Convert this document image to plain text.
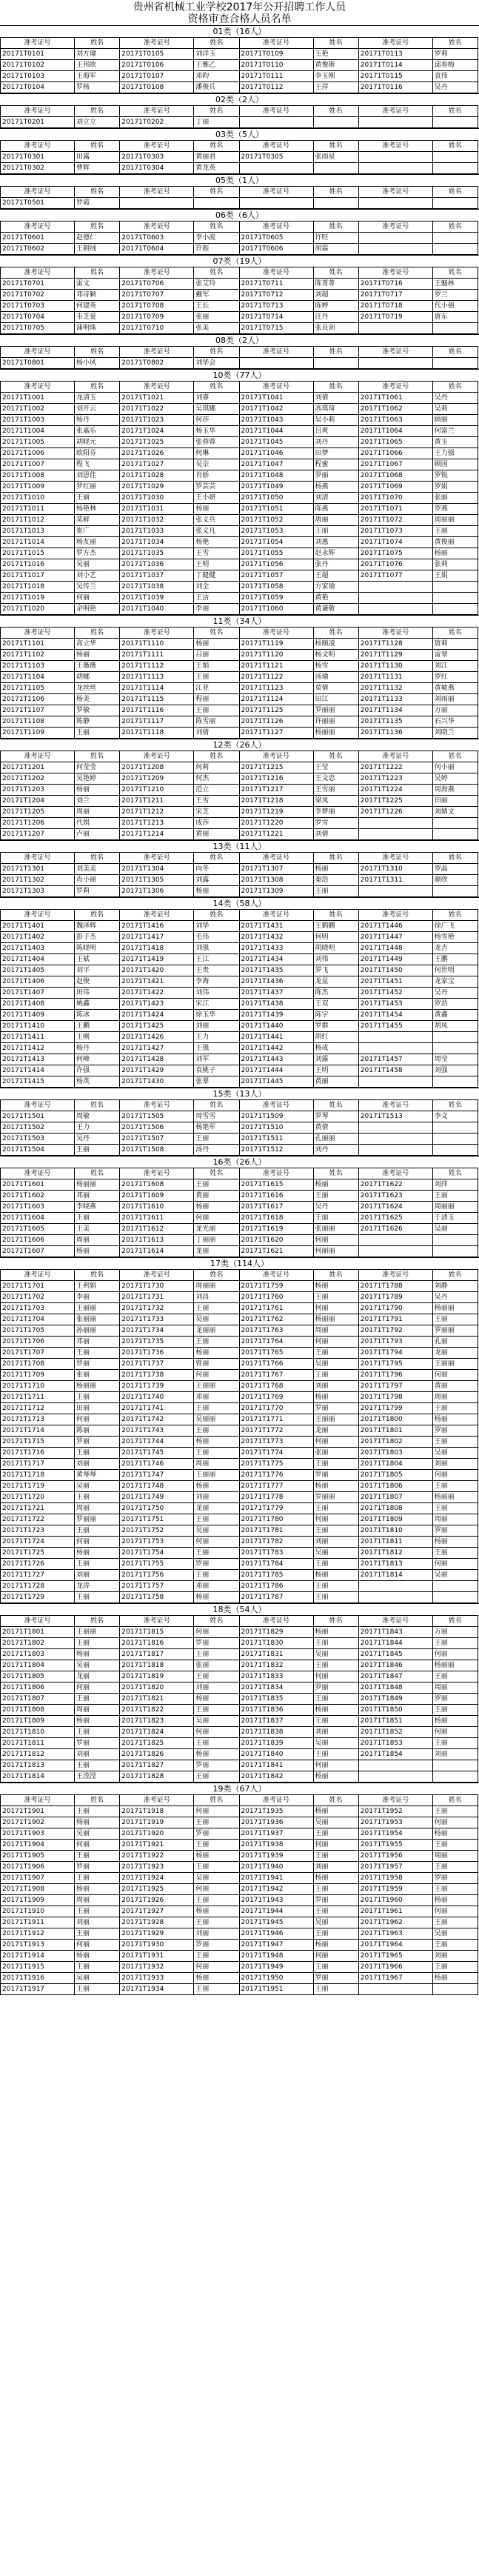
贵州省机械工业学校2017年公开招聘工作人员
资格审查合格人员名单
01类（16人）
准考证号	姓名	准考证号	姓名	准考证号	姓名	准考证号	姓名
20171T0101	刘方瑜	20171T0105	刘洋玉	20171T0109	王艳	20171T0113	罗莉
20171T0102	王邦欧	20171T0106	王雅乙	20171T0110	黄俊斯	20171T0114	邱春梅
20171T0103	王海军	20171T0107	邓昀	20171T0111	李玉刚	20171T0115	袁伟
20171T0104	罗杨	20171T0108	潘俊兵	20171T0112	王萍	20171T0116	吴丹
02类（2人）
准考证号	姓名	准考证号	姓名	准考证号	姓名	准考证号	姓名
20171T0201	刘立立	20171T0202	丁丽				
03类（5人）
准考证号	姓名	准考证号	姓名	准考证号	姓名	准考证号	姓名
20171T0301	田露	20171T0303	黄丽君	20171T0305	张雨星		
20171T0302	曹辉	20171T0304	黄龙英				
05类（1人）
准考证号	姓名	准考证号	姓名	准考证号	姓名	准考证号	姓名
20171T0501	罗霞						
06类（6人）
准考证号	姓名	准考证号	姓名	准考证号	姓名	准考证号	姓名
20171T0601	赵德仁	20171T0603	李小波	20171T0605	许旺		
20171T0602	王朝绒	20171T0604	许振	20171T0606	胡霖		
07类（19人）
准考证号	姓名	准考证号	姓名	准考证号	姓名	准考证号	姓名
20171T0701	雷文	20171T0706	张艾玲	20171T0711	陈菁菁	20171T0716	王魅林
20171T0702	邓诗颖	20171T0707	戴军	20171T0712	刘超	20171T0717	罗兰
20171T0703	何建英	20171T0708	王长	20171T0713	陈婷	20171T0718	代小强
20171T0704	韦芝爱	20171T0709	张丽	20171T0714	汪丹	20171T0719	唐东
20171T0705	蒲明珠	20171T0710	张美	20171T0715	张良剑		
08类（2人）
准考证号	姓名	准考证号	姓名	准考证号	姓名	准考证号	姓名
20171T0801	杨小风	20171T0802	刘华会				
10类（77人）
准考证号	姓名	准考证号	姓名	准考证号	姓名	准考证号	姓名
20171T1001	龙清玉	20171T1021	刘睿	20171T1041	刘倩	20171T1061	吴丹
20171T1002	刘开云	20171T1022	吴琪娜	20171T1042	高琪琦	20171T1062	吴莉
20171T1003	杨丹	20171T1023	何莎	20171T1043	吴小莉	20171T1063	顾丽
20171T1004	张嘉乐	20171T1024	杨玉华	20171T1044	吕爽	20171T1064	何富兰
20171T1005	胡晓元	20171T1025	张蓉蓉	20171T1045	刘丹	20171T1065	黄玉
20171T1006	欧阳芬	20171T1026	何琳	20171T1046	田梦	20171T1066	王力强
20171T1007	程飞	20171T1027	吴宗	20171T1047	程蜜	20171T1067	顾国
20171T1008	刘思佳	20171T1028	肖娇	20171T1048	罗丽	20171T1068	罗锐
20171T1009	罗红丽	20171T1029	罗芸芸	20171T1049	杨燕	20171T1069	罗娟
20171T1010	王丽	20171T1030	王小妍	20171T1050	刘清	20171T1070	张丽
20171T1011	杨艳林	20171T1031	杨丽	20171T1051	陈燕	20171T1071	罗燕
20171T1012	莫鲜	20171T1032	张义兵	20171T1052	唐丽	20171T1072	周丽丽
20171T1013	崔广	20171T1033	张义凡	20171T1053	王丽	20171T1073	王丽
20171T1014	杨友丽	20171T1034	杨艳	20171T1054	刘惠	20171T1074	黄俊丽
20171T1015	罗方杰	20171T1035	王雪	20171T1055	赵永辉	20171T1075	杨丽
20171T1016	吴丽	20171T1036	王明	20171T1056	张丹	20171T1076	张莉
20171T1017	刘小艺	20171T1037	丁健健	20171T1057	王超	20171T1077	王娟
20171T1018	吴传兰	20171T1038	刘全	20171T1058	方家瑜		
20171T1019	何丽	20171T1039	王洁	20171T1059	黄艳		
20171T1020	余明艳	20171T1040	李丽	20171T1060	黄谦敬		
11类（34人）
准考证号	姓名	准考证号	姓名	准考证号	姓名	准考证号	姓名
20171T1101	高立华	20171T1110	杨丽	20171T1119	杨顺凌	20171T1128	唐莉
20171T1102	杨丽	20171T1111	吕丽	20171T1120	杨文明	20171T1129	雷翠
20171T1103	王薇薇	20171T1112	王娟	20171T1121	杨雪	20171T1130	刘江
20171T1104	胡娜	20171T1113	王丽	20171T1122	汤瑜	20171T1131	罗红
20171T1105	龙丝丝	20171T1114	江亚	20171T1123	莫倩	20171T1132	黄敏燕
20171T1106	杨美	20171T1115	程丽	20171T1124	田江	20171T1133	刘雨丽
20171T1107	罗敏	20171T1116	王丽	20171T1125	罗丽丽	20171T1134	万丽
20171T1108	陈静	20171T1117	陈雪丽	20171T1126	许丽丽	20171T1135	石兴华
20171T1109	王丽	20171T1118	刘倩	20171T1127	杨丽丽	20171T1136	刘晓兰
12类（26人）
准考证号	姓名	准考证号	姓名	准考证号	姓名	准考证号	姓名
20171T1201	何莹莹	20171T1208	何莉	20171T1215	王莹	20171T1222	何小丽
20171T1202	吴艳婷	20171T1209	何杰	20171T1216	王文忠	20171T1223	吴婷
20171T1203	杨丽	20171T1210	范立	20171T1217	王雪丽	20171T1224	周海燕
20171T1204	刘兰	20171T1211	王雪	20171T1218	梁凤	20171T1225	田丽
20171T1205	周丽	20171T1212	宋芝	20171T1219	李梦丽	20171T1226	刘婧文
20171T1206	代娟	20171T1213	成莎	20171T1220	罗雪		
20171T1207	卢丽	20171T1214	黄丽	20171T1221	刘倩		
13类（11人）
准考证号	姓名	准考证号	姓名	准考证号	姓名	准考证号	姓名
20171T1301	刘美美	20171T1304	向冬	20171T1307	杨丽	20171T1310	罗晶
20171T1302	肖小丽	20171T1305	刘露	20171T1308	秦浩	20171T1311	颜欣
20171T1303	罗莉	20171T1306	杨丽	20171T1309	王丽		
14类（58人）
准考证号	姓名	准考证号	姓名	准考证号	姓名	准考证号	姓名
20171T1401	魏泽辉	20171T1416	刘华	20171T1431	王鹤鹏	20171T1446	徐广飞
20171T1402	彭子杰	20171T1417	毛伟	20171T1432	何明	20171T1447	杨雪艳
20171T1403	陈晓明	20171T1418	刘强	20171T1433	胡晓明	20171T1448	龙吉
20171T1404	王斌	20171T1419	王江	20171T1434	刘伟	20171T1449	王鹏
20171T1405	刘平	20171T1420	王贵	20171T1435	罗飞	20171T1450	何世明
20171T1406	赵俊	20171T1421	李海	20171T1436	龙星	20171T1451	龙家宝
20171T1407	田伟	20171T1422	刘伟	20171T1437	陈杰	20171T1452	吴丹
20171T1408	姚鑫	20171T1423	宋江	20171T1438	王双	20171T1453	罗浩
20171T1409	陈冰	20171T1424	徐玉华	20171T1439	陈宇	20171T1454	黄鑫
20171T1410	王鹏	20171T1425	刘丽	20171T1440	罗群	20171T1455	胡凤
20171T1411	王刚	20171T1426	王力	20171T1441	胡红		
20171T1412	杨丹	20171T1427	王强	20171T1442	杨成		
20171T1413	何峰	20171T1428	刘军	20171T1443	刘露	20171T1457	周莹
20171T1414	许强	20171T1429	袁桃子	20171T1444	王明	20171T1458	刘强
20171T1415	杨英	20171T1430	张翠	20171T1445	黄丽		
15类（13人）
准考证号	姓名	准考证号	姓名	准考证号	姓名	准考证号	姓名
20171T1501	周敏	20171T1505	周雪雪	20171T1509	罗琴	20171T1513	李文
20171T1502	王力	20171T1506	杨艳军	20171T1510	黄倩		
20171T1503	吴丹	20171T1507	王丽	20171T1511	孔丽丽		
20171T1504	王丽	20171T1508	汤丹	20171T1512	刘丹		
16类（26人）
准考证号	姓名	准考证号	姓名	准考证号	姓名	准考证号	姓名
20171T1601	杨丽丽	20171T1608	王丽	20171T1615	杨丽	20171T1622	刘萍
20171T1602	邓丽	20171T1609	黄丽	20171T1616	王丽	20171T1623	王丽
20171T1603	李晓燕	20171T1610	杨丽	20171T1617	吴丹	20171T1624	周丽丽
20171T1604	王丽	20171T1611	何丽	20171T1618	王丽	20171T1625	于清玉
20171T1605	王美	20171T1612	龙光丽	20171T1619	张丽丽	20171T1626	吴丽
20171T1606	周丽	20171T1613	丁丽丽	20171T1620	何丽		
20171T1607	杨丽	20171T1614	龙丽	20171T1621	何丽丽		
17类（114人）
准考证号	姓名	准考证号	姓名	准考证号	姓名	准考证号	姓名
20171T1701	王利娟	20171T1730	周丽丽	20171T1759	杨丽	20171T1788	刘静
20171T1702	李丽	20171T1731	刘昌	20171T1760	王丽	20171T1789	吴丹
20171T1703	王丽丽	20171T1732	王丽	20171T1761	何丽	20171T1790	杨丽丽
20171T1704	张丽丽	20171T1733	吴丽	20171T1762	杨丽丽	20171T1791	王丽
20171T1705	孙丽丽	20171T1734	龙丽丽	20171T1763	周丽	20171T1792	罗丽丽
20171T1706	邓丽	20171T1735	王丽	20171T1764	何丽	20171T1793	孔丽
20171T1707	王丽	20171T1736	杨丽	20171T1765	王丽	20171T1794	龙丽
20171T1708	罗丽	20171T1737	曾丽	20171T1766	吴丽	20171T1795	王丽丽
20171T1709	张丽	20171T1738	何丽	20171T1767	王丽	20171T1796	何丽
20171T1710	杨丽丽	20171T1739	王丽丽	20171T1768	刘丽	20171T1797	黄丽
20171T1711	王丽	20171T1740	邓丽	20171T1769	杨丽	20171T1798	周丽
20171T1712	田丽	20171T1741	王丽	20171T1770	罗丽	20171T1799	王丽
20171T1713	何丽	20171T1742	吴丽丽	20171T1771	王丽丽	20171T1800	杨丽
20171T1714	陈丽	20171T1743	王丽	20171T1772	龙丽	20171T1801	罗丽
20171T1715	罗丽	20171T1744	杨丽	20171T1773	何丽	20171T1802	王丽
20171T1716	王丽	20171T1745	王丽	20171T1774	张丽	20171T1803	吴丽
20171T1717	刘丽	20171T1746	周丽	20171T1775	王丽	20171T1804	刘丽
20171T1718	黄琴琴	20171T1747	王丽丽	20171T1776	罗丽	20171T1805	何丽
20171T1719	吴丽	20171T1748	杨丽	20171T1777	杨丽	20171T1806	王丽
20171T1720	王丽	20171T1749	刘丽	20171T1778	罗丽丽	20171T1807	杨丽丽
20171T1721	周丽	20171T1750	龙丽	20171T1779	王丽	20171T1808	王丽
20171T1722	罗丽丽	20171T1751	王丽	20171T1780	何丽	20171T1809	周丽
20171T1723	王丽	20171T1752	吴丽	20171T1781	王丽	20171T1810	罗丽
20171T1724	何丽	20171T1753	何丽	20171T1782	刘丽	20171T1811	杨丽
20171T1725	杨丽	20171T1754	王丽	20171T1783	吴丽	20171T1812	王丽
20171T1726	王丽	20171T1755	罗丽	20171T1784	王丽	20171T1813	何丽
20171T1727	刘丽	20171T1756	王丽	20171T1785	杨丽	20171T1814	吴丽
20171T1728	龙涛	20171T1757	邓丽	20171T1786	王丽		
20171T1729	王丽	20171T1758	杨丽	20171T1787	王丽		
18类（54人）
准考证号	姓名	准考证号	姓名	准考证号	姓名	准考证号	姓名
20171T1801	王丽丽	20171T1815	何丽	20171T1829	杨丽	20171T1843	万丽
20171T1802	王丽	20171T1816	罗丽	20171T1830	王丽	20171T1844	王丽
20171T1803	杨丽	20171T1817	王丽	20171T1831	吴丽	20171T1845	何丽
20171T1804	吴丽	20171T1818	张丽	20171T1832	王丽	20171T1846	杨丽丽
20171T1805	龙丽	20171T1819	王丽	20171T1833	何丽	20171T1847	王丽
20171T1806	何丽	20171T1820	刘丽	20171T1834	罗丽	20171T1848	周丽
20171T1807	王丽	20171T1821	杨丽	20171T1835	王丽	20171T1849	罗丽
20171T1808	周丽	20171T1822	王丽	20171T1836	杨丽	20171T1850	王丽
20171T1809	杨丽	20171T1823	吴丽	20171T1837	王丽	20171T1851	杨丽
20171T1810	王丽	20171T1824	何丽	20171T1838	刘丽	20171T1852	何丽
20171T1811	罗丽	20171T1825	王丽	20171T1839	吴丽	20171T1853	王丽
20171T1812	刘丽	20171T1826	杨丽	20171T1840	王丽	20171T1854	刘丽
20171T1813	王丽	20171T1827	罗丽	20171T1841	何丽		
20171T1814	王滢滢	20171T1828	王丽	20171T1842	杨丽		
19类（67人）
准考证号	姓名	准考证号	姓名	准考证号	姓名	准考证号	姓名
20171T1901	王丽	20171T1918	何丽	20171T1935	杨丽	20171T1952	王丽
20171T1902	杨丽	20171T1919	王丽	20171T1936	吴丽	20171T1953	何丽
20171T1903	吴丽	20171T1920	罗丽	20171T1937	王丽	20171T1954	杨丽
20171T1904	何丽	20171T1921	王丽	20171T1938	何丽	20171T1955	王丽
20171T1905	王丽	20171T1922	杨丽	20171T1939	王丽	20171T1956	周丽
20171T1906	罗丽	20171T1923	王丽	20171T1940	刘丽	20171T1957	王丽
20171T1907	王丽	20171T1924	吴丽	20171T1941	杨丽	20171T1958	罗丽
20171T1908	杨丽	20171T1925	何丽	20171T1942	王丽	20171T1959	王丽
20171T1909	周丽	20171T1926	王丽	20171T1943	罗丽	20171T1960	杨丽
20171T1910	王丽	20171T1927	杨丽	20171T1944	王丽	20171T1961	何丽
20171T1911	刘丽	20171T1928	王丽	20171T1945	吴丽	20171T1962	王丽
20171T1912	王丽	20171T1929	刘丽	20171T1946	王丽	20171T1963	吴丽
20171T1913	何丽	20171T1930	罗丽	20171T1947	杨丽	20171T1964	王丽
20171T1914	杨丽	20171T1931	王丽	20171T1948	何丽	20171T1965	刘丽
20171T1915	王丽	20171T1932	何丽	20171T1949	王丽	20171T1966	王丽
20171T1916	吴丽	20171T1933	杨丽	20171T1950	罗丽	20171T1967	杨丽
20171T1917	王丽	20171T1934	王丽	20171T1951	王丽		
